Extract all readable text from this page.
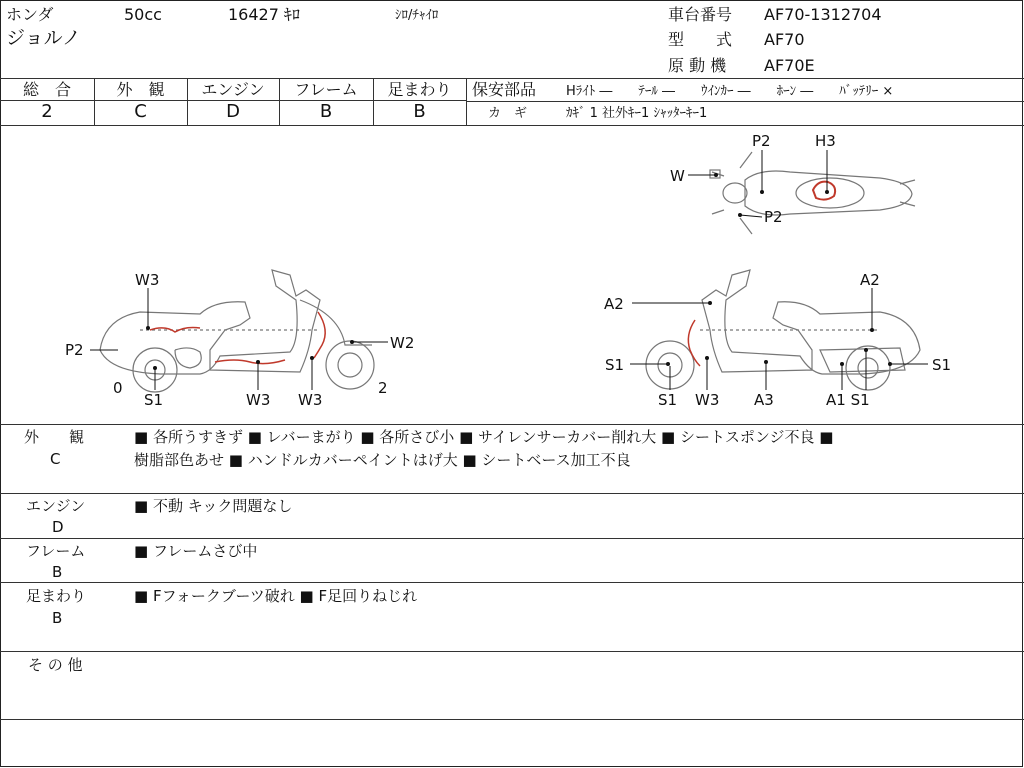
ホンダ	50cc	16427 ｷﾛ	ｼﾛ/ﾁｬｲﾛ
ジョルノ
車台番号 AF70-1312704
型　　式 AF70
原 動 機 AF70E
総　合	外　観	エンジン	フレーム	足まわり
2	C	D	B	B
保安部品 Hﾗｲﾄ ―　　ﾃｰﾙ ―　　ｳｲﾝｶｰ ―　　ﾎｰﾝ ―　　ﾊﾞｯﾃﾘｰ ×
カ　ギ	ｶｷﾞ 1 社外ｷｰ1 ｼｬｯﾀｰｷｰ1
W
P2	H3
P2
W3
P2	W2
0	2
S1	W3 W3
A2
A2
S1	S1
S1 W3 A3	A1 S1
外　　観
C
■ 各所うすきず ■ レバーまがり ■ 各所さび小 ■ サイレンサーカバー削れ大 ■ シートスポンジ不良 ■
樹脂部色あせ ■ ハンドルカバーペイントはげ大 ■ シートベース加工不良
エンジン
D
■ 不動 キック問題なし
フレーム
B
■ フレームさび中
足まわり
B
■ Fフォークブーツ破れ ■ F足回りねじれ
そ の 他
